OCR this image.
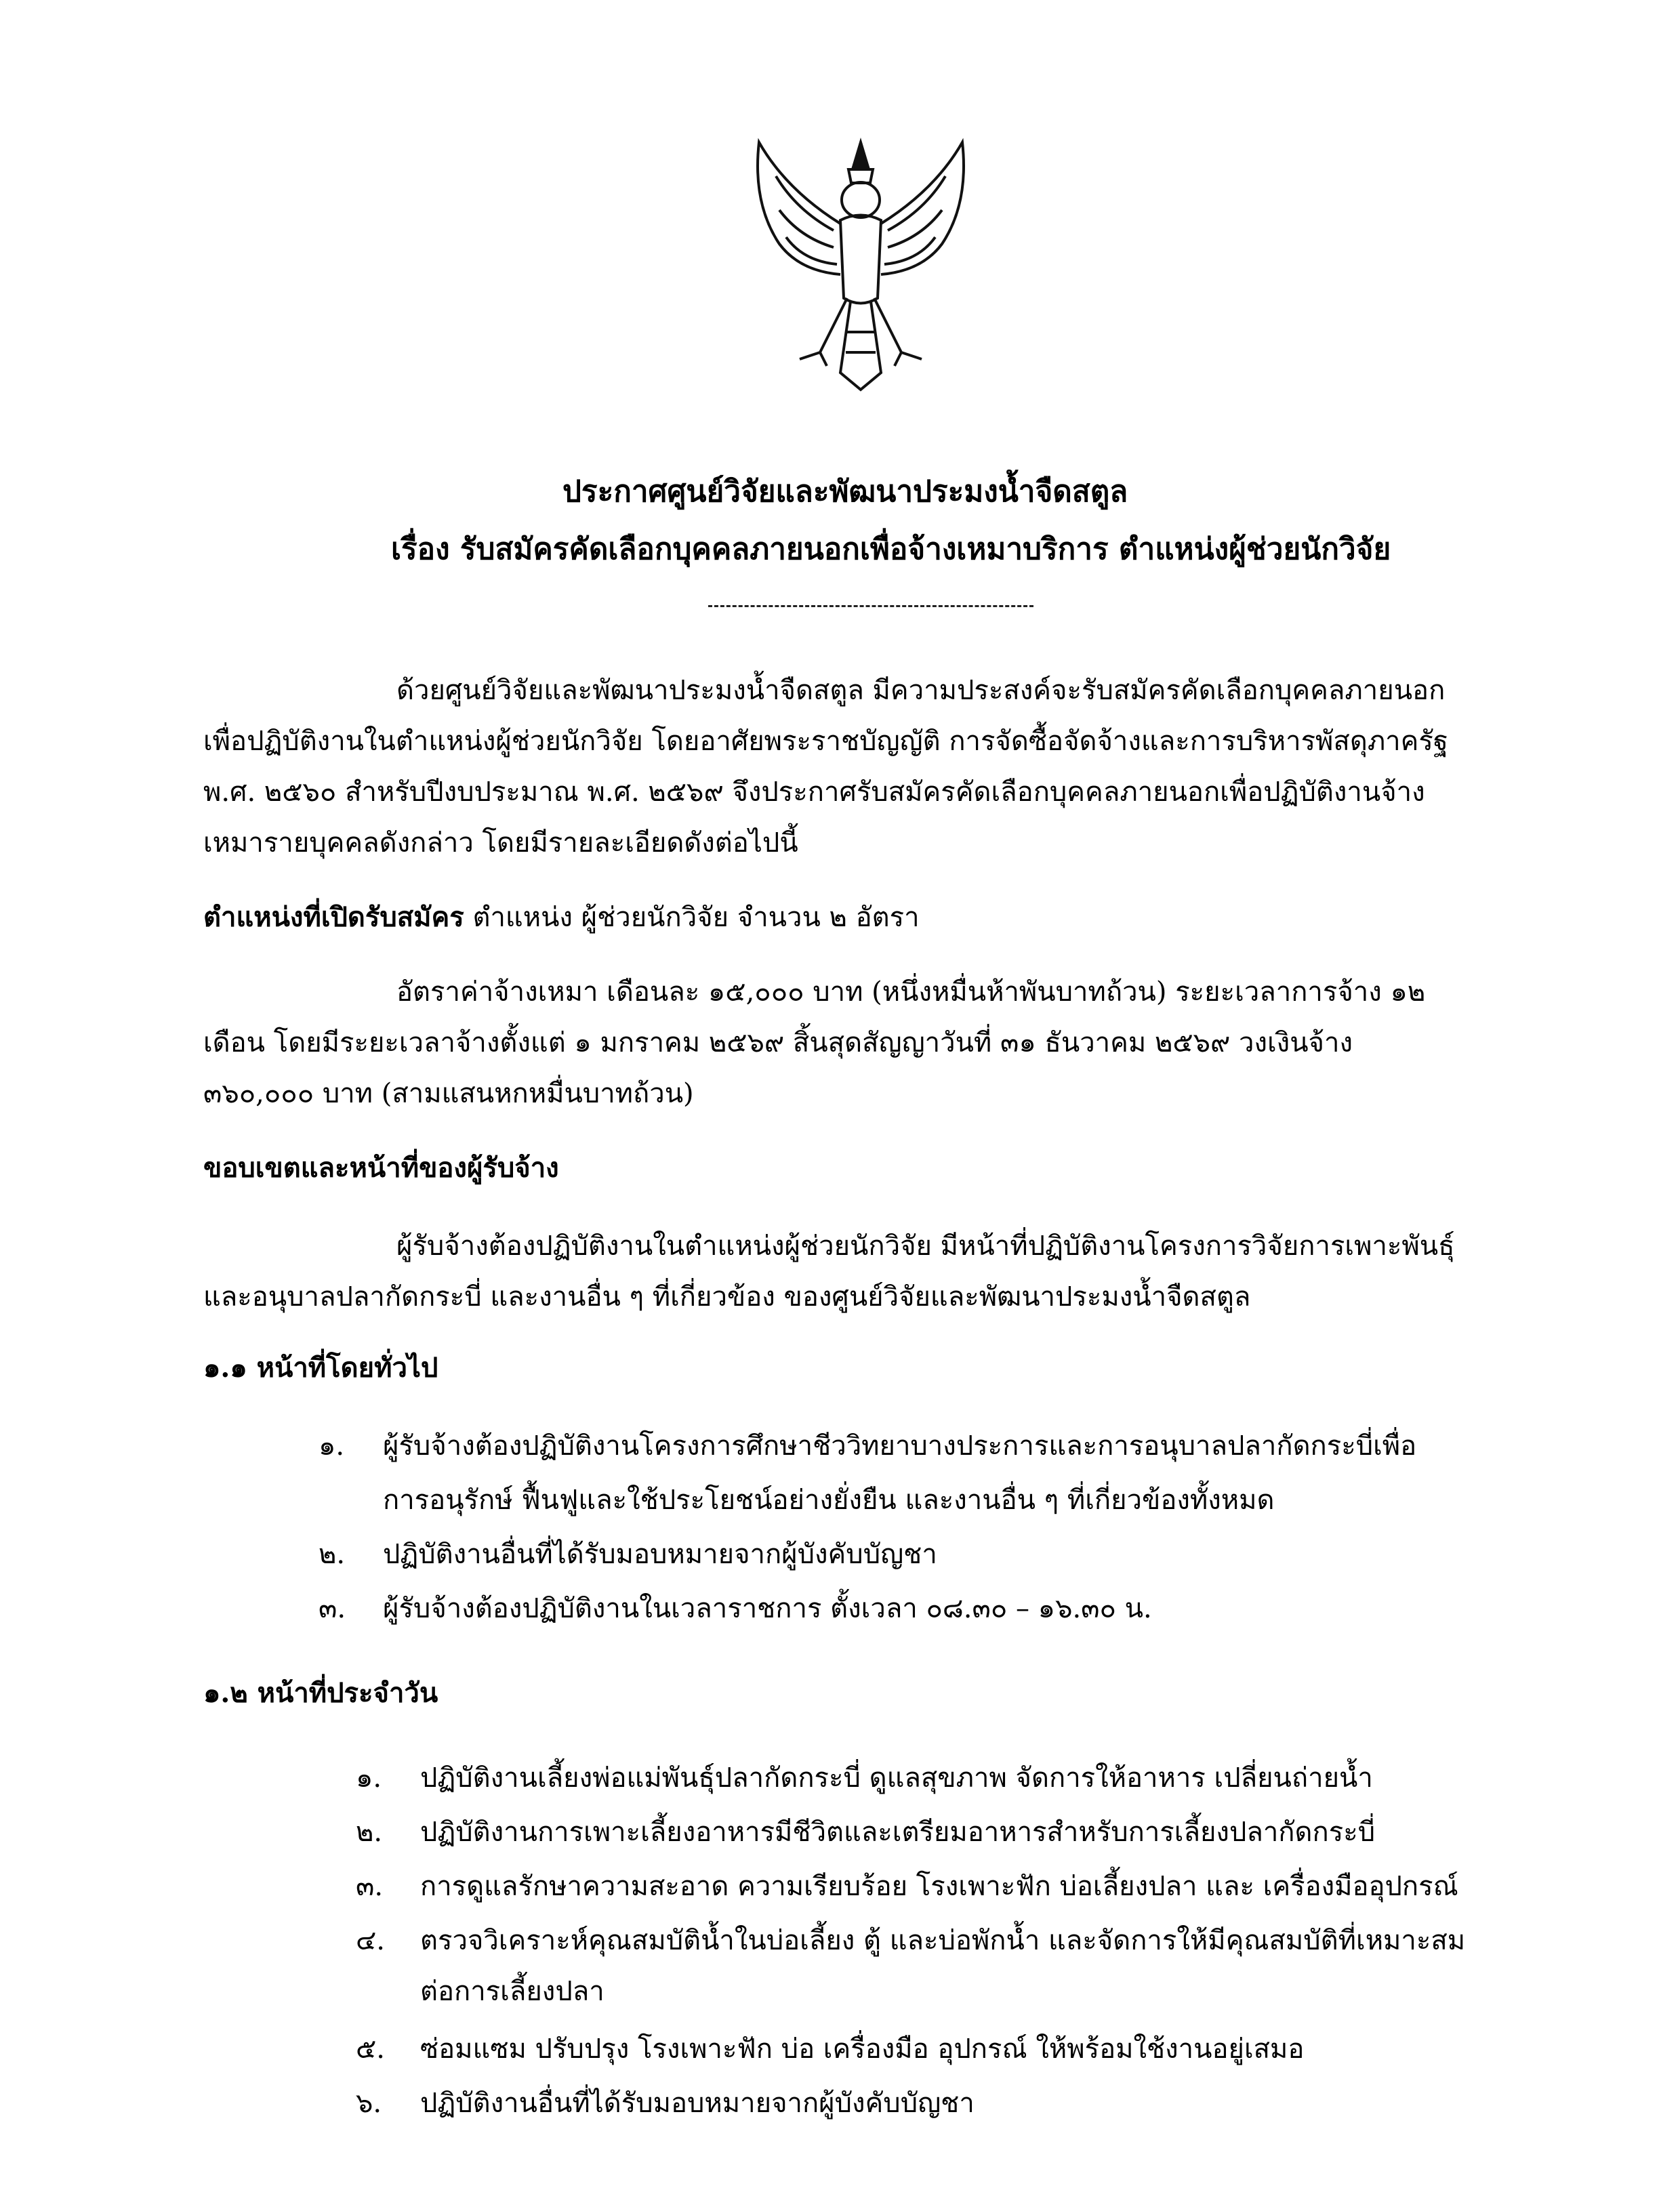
ประกาศศูนย์วิจัยและพัฒนาประมงน้ำจืดสตูล
เรื่อง รับสมัครคัดเลือกบุคคลภายนอกเพื่อจ้างเหมาบริการ ตำแหน่งผู้ช่วยนักวิจัย
ด้วยศูนย์วิจัยและพัฒนาประมงน้ำจืดสตูล มีความประสงค์จะรับสมัครคัดเลือกบุคคลภายนอก
เพื่อปฏิบัติงานในตำแหน่งผู้ช่วยนักวิจัย โดยอาศัยพระราชบัญญัติ การจัดซื้อจัดจ้างและการบริหารพัสดุภาครัฐ
พ.ศ. ๒๕๖๐ สำหรับปีงบประมาณ พ.ศ. ๒๕๖๙ จึงประกาศรับสมัครคัดเลือกบุคคลภายนอกเพื่อปฏิบัติงานจ้าง
เหมารายบุคคลดังกล่าว โดยมีรายละเอียดดังต่อไปนี้
ตำแหน่งที่เปิดรับสมัคร ตำแหน่ง ผู้ช่วยนักวิจัย จำนวน ๒ อัตรา
อัตราค่าจ้างเหมา เดือนละ ๑๕,๐๐๐ บาท (หนึ่งหมื่นห้าพันบาทถ้วน) ระยะเวลาการจ้าง ๑๒
เดือน โดยมีระยะเวลาจ้างตั้งแต่ ๑ มกราคม ๒๕๖๙ สิ้นสุดสัญญาวันที่ ๓๑ ธันวาคม ๒๕๖๙ วงเงินจ้าง
๓๖๐,๐๐๐ บาท (สามแสนหกหมื่นบาทถ้วน)
ขอบเขตและหน้าที่ของผู้รับจ้าง
ผู้รับจ้างต้องปฏิบัติงานในตำแหน่งผู้ช่วยนักวิจัย มีหน้าที่ปฏิบัติงานโครงการวิจัยการเพาะพันธุ์
และอนุบาลปลากัดกระบี่ และงานอื่น ๆ ที่เกี่ยวข้อง ของศูนย์วิจัยและพัฒนาประมงน้ำจืดสตูล
๑.๑ หน้าที่โดยทั่วไป
๑. ผู้รับจ้างต้องปฏิบัติงานโครงการศึกษาชีววิทยาบางประการและการอนุบาลปลากัดกระบี่เพื่อ
การอนุรักษ์ ฟื้นฟูและใช้ประโยชน์อย่างยั่งยืน และงานอื่น ๆ ที่เกี่ยวข้องทั้งหมด
๒. ปฏิบัติงานอื่นที่ได้รับมอบหมายจากผู้บังคับบัญชา
๓. ผู้รับจ้างต้องปฏิบัติงานในเวลาราชการ ตั้งเวลา ๐๘.๓๐ – ๑๖.๓๐ น.
๑.๒ หน้าที่ประจำวัน
๑. ปฏิบัติงานเลี้ยงพ่อแม่พันธุ์ปลากัดกระบี่ ดูแลสุขภาพ จัดการให้อาหาร เปลี่ยนถ่ายน้ำ
๒. ปฏิบัติงานการเพาะเลี้ยงอาหารมีชีวิตและเตรียมอาหารสำหรับการเลี้ยงปลากัดกระบี่
๓. การดูแลรักษาความสะอาด ความเรียบร้อย โรงเพาะฟัก บ่อเลี้ยงปลา และ เครื่องมืออุปกรณ์
๔. ตรวจวิเคราะห์คุณสมบัติน้ำในบ่อเลี้ยง ตู้ และบ่อพักน้ำ และจัดการให้มีคุณสมบัติที่เหมาะสม
ต่อการเลี้ยงปลา
๕. ซ่อมแซม ปรับปรุง โรงเพาะฟัก บ่อ เครื่องมือ อุปกรณ์ ให้พร้อมใช้งานอยู่เสมอ
๖. ปฏิบัติงานอื่นที่ได้รับมอบหมายจากผู้บังคับบัญชา
